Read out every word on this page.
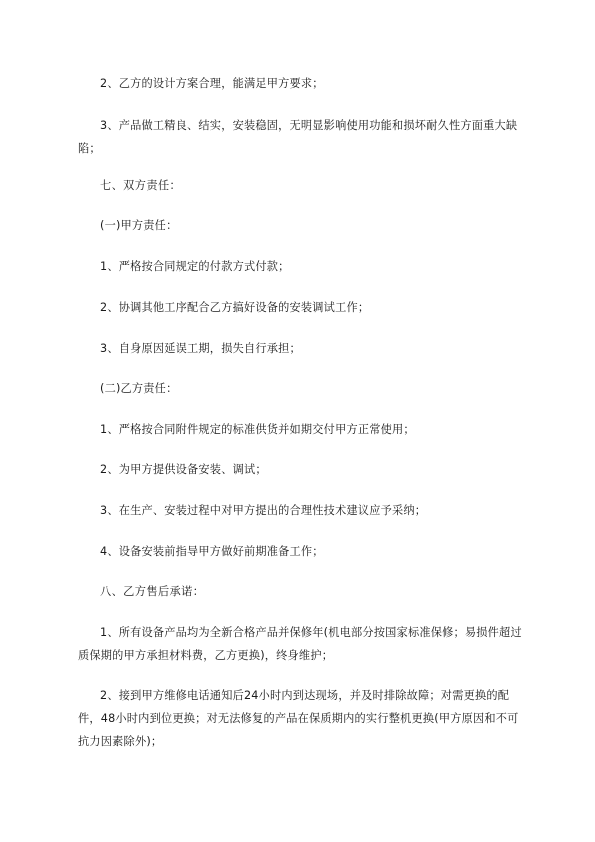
2、乙方的设计方案合理，能满足甲方要求；

3、产品做工精良、结实，安装稳固，无明显影响使用功能和损坏耐久性方面重大缺陷；

七、双方责任：

(一)甲方责任：

1、严格按合同规定的付款方式付款；

2、协调其他工序配合乙方搞好设备的安装调试工作；

3、自身原因延误工期，损失自行承担；

(二)乙方责任：

1、严格按合同附件规定的标准供货并如期交付甲方正常使用；

2、为甲方提供设备安装、调试；

3、在生产、安装过程中对甲方提出的合理性技术建议应予采纳；

4、设备安装前指导甲方做好前期准备工作；

八、乙方售后承诺：

1、所有设备产品均为全新合格产品并保修年(机电部分按国家标准保修；易损件超过质保期的甲方承担材料费，乙方更换)，终身维护；

2、接到甲方维修电话通知后24小时内到达现场，并及时排除故障；对需更换的配件，48小时内到位更换；对无法修复的产品在保质期内的实行整机更换(甲方原因和不可抗力因素除外)；
